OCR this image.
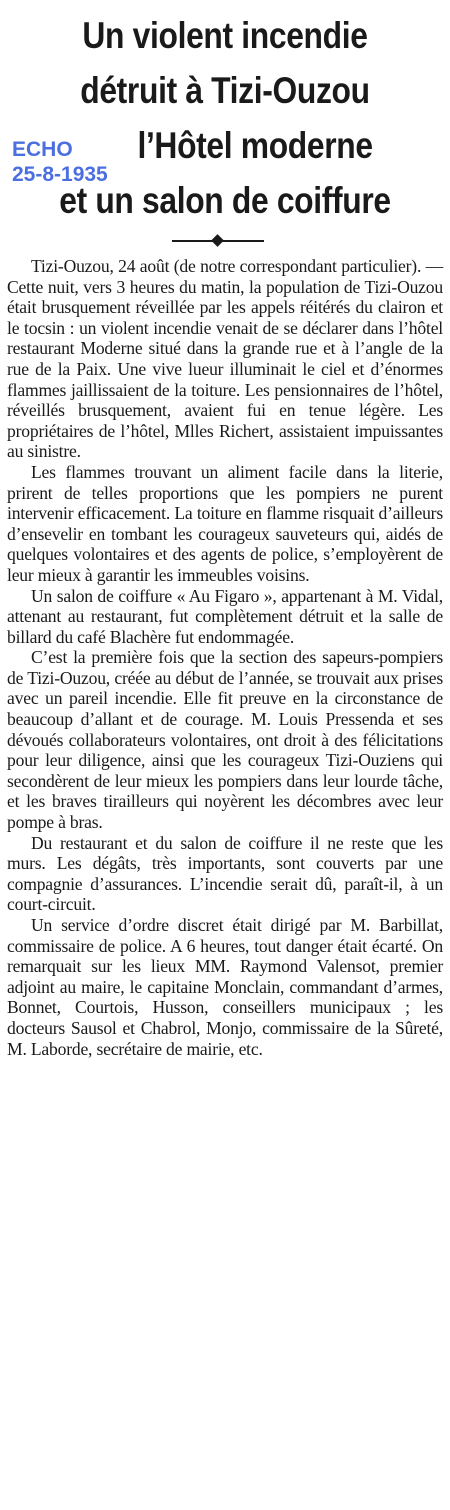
Un violent incendie
détruit à Tizi-Ouzou
l’Hôtel moderne
et un salon de coiffure
ECHO
25-8-1935

Tizi-Ouzou, 24 août (de notre correspondant particulier). — Cette nuit, vers 3 heures du matin, la population de Tizi-Ouzou était brusquement réveillée par les appels réitérés du clairon et le tocsin : un violent incendie venait de se déclarer dans l’hôtel restaurant Moderne situé dans la grande rue et à l’angle de la rue de la Paix. Une vive lueur illuminait le ciel et d’énormes flammes jaillissaient de la toiture. Les pensionnaires de l’hôtel, réveillés brusquement, avaient fui en tenue légère. Les propriétaires de l’hôtel, Mlles Richert, assistaient impuissantes au sinistre.

Les flammes trouvant un aliment facile dans la literie, prirent de telles proportions que les pompiers ne purent intervenir efficacement. La toiture en flamme risquait d’ailleurs d’ensevelir en tombant les courageux sauveteurs qui, aidés de quelques volontaires et des agents de police, s’employèrent de leur mieux à garantir les immeubles voisins.

Un salon de coiffure « Au Figaro », appartenant à M. Vidal, attenant au restaurant, fut complètement détruit et la salle de billard du café Blachère fut endommagée.

C’est la première fois que la section des sapeurs-pompiers de Tizi-Ouzou, créée au début de l’année, se trouvait aux prises avec un pareil incendie. Elle fit preuve en la circonstance de beaucoup d’allant et de courage. M. Louis Pressenda et ses dévoués collaborateurs volontaires, ont droit à des félicitations pour leur diligence, ainsi que les courageux Tizi-Ouziens qui secondèrent de leur mieux les pompiers dans leur lourde tâche, et les braves tirailleurs qui noyèrent les décombres avec leur pompe à bras.

Du restaurant et du salon de coiffure il ne reste que les murs. Les dégâts, très importants, sont couverts par une compagnie d’assurances. L’incendie serait dû, paraît-il, à un court-circuit.

Un service d’ordre discret était dirigé par M. Barbillat, commissaire de police. A 6 heures, tout danger était écarté. On remarquait sur les lieux MM. Raymond Valensot, premier adjoint au maire, le capitaine Monclain, commandant d’armes, Bonnet, Courtois, Husson, conseillers municipaux ; les docteurs Sausol et Chabrol, Monjo, commissaire de la Sûreté, M. Laborde, secrétaire de mairie, etc.
